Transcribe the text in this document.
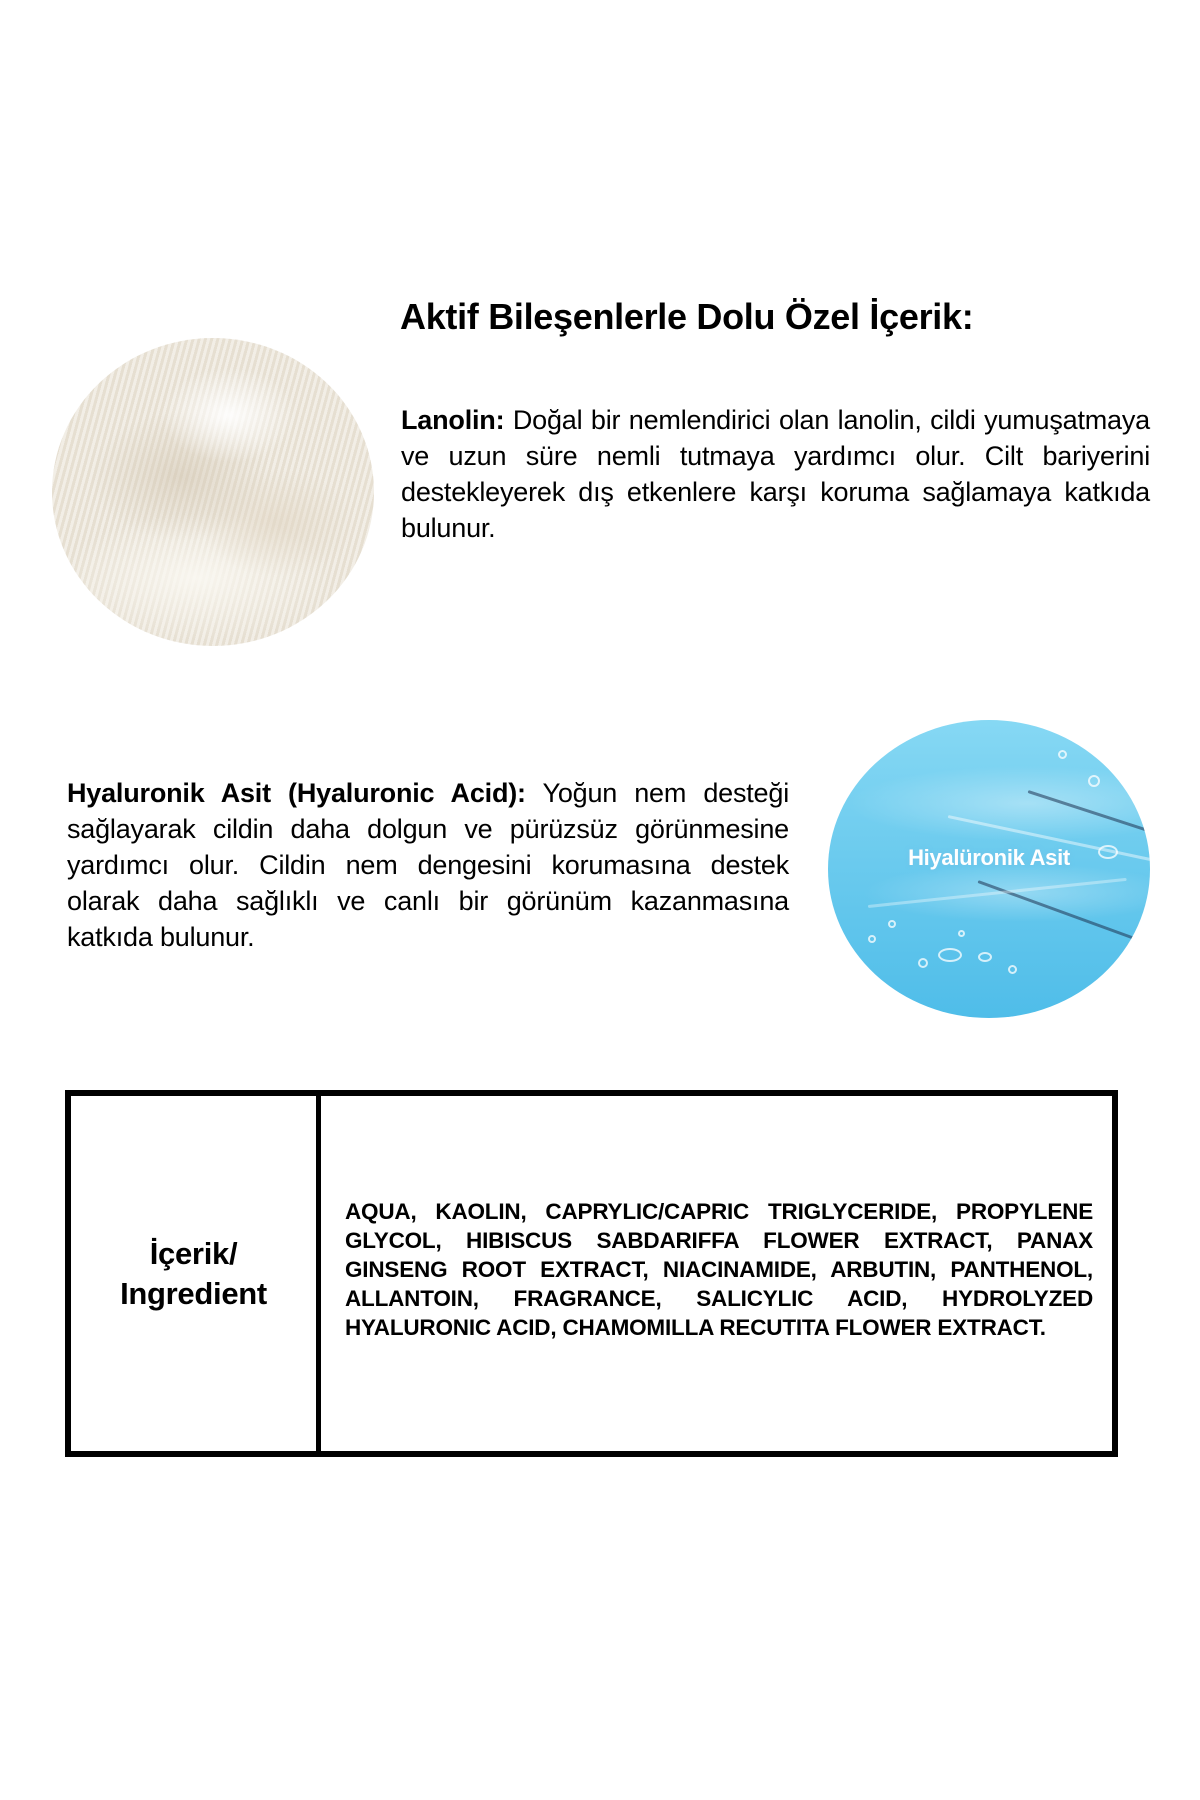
Aktif Bileşenlerle Dolu Özel İçerik:

Lanolin: Doğal bir nemlendirici olan lanolin, cildi yumuşatmaya ve uzun süre nemli tutmaya yardımcı olur. Cilt bariyerini destekleyerek dış etkenlere karşı koruma sağlamaya katkıda bulunur.

Hyaluronik Asit (Hyaluronic Acid): Yoğun nem desteği sağlayarak cildin daha dolgun ve pürüzsüz görünmesine yardımcı olur. Cildin nem dengesini korumasına destek olarak daha sağlıklı ve canlı bir görünüm kazanmasına katkıda bulunur.

Hiyalüronik Asit
İçerik/
Ingredient
AQUA, KAOLIN, CAPRYLIC/CAPRIC TRIGLYCERIDE, PROPYLENE GLYCOL, HIBISCUS SABDARIFFA FLOWER EXTRACT, PANAX GINSENG ROOT EXTRACT, NIACINAMIDE, ARBUTIN, PANTHENOL, ALLANTOIN, FRAGRANCE, SALICYLIC ACID, HYDROLYZED HYALURONIC ACID, CHAMOMILLA RECUTITA FLOWER EXTRACT.
